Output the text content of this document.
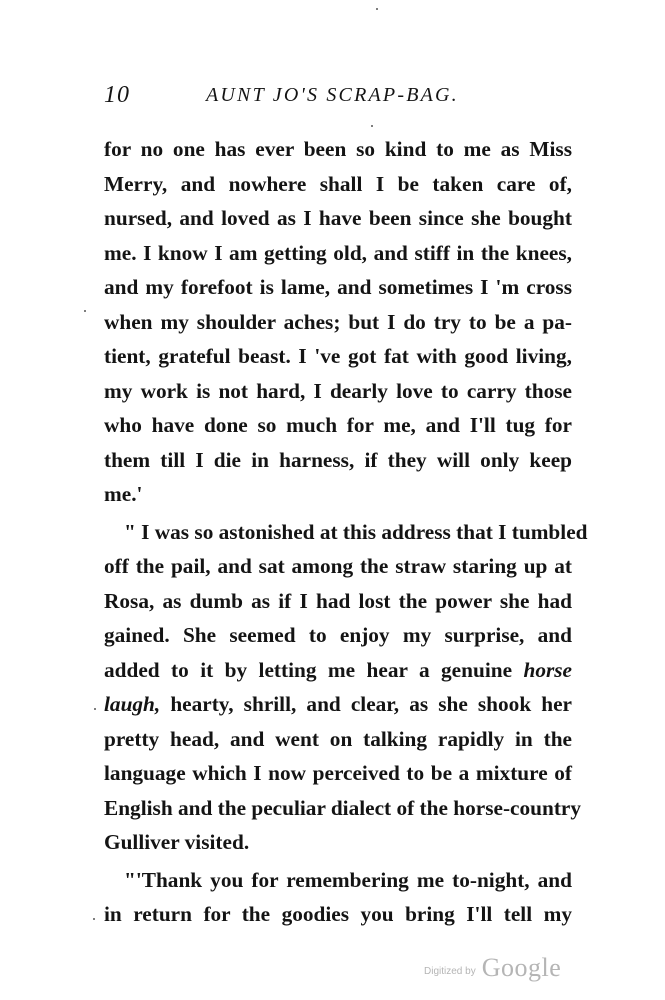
10	AUNT JO'S SCRAP-BAG.
for no one has ever been so kind to me as Miss
Merry, and nowhere shall I be taken care of,
nursed, and loved as I have been since she bought
me. I know I am getting old, and stiff in the knees,
and my forefoot is lame, and sometimes I 'm cross
when my shoulder aches; but I do try to be a pa-
tient, grateful beast. I 've got fat with good living,
my work is not hard, I dearly love to carry those
who have done so much for me, and I'll tug for
them till I die in harness, if they will only keep
me.'
" I was so astonished at this address that I tumbled
off the pail, and sat among the straw staring up at
Rosa, as dumb as if I had lost the power she had
gained. She seemed to enjoy my surprise, and
added to it by letting me hear a genuine horse
laugh, hearty, shrill, and clear, as she shook her
pretty head, and went on talking rapidly in the
language which I now perceived to be a mixture of
English and the peculiar dialect of the horse-country
Gulliver visited.
"'Thank you for remembering me to-night, and
in return for the goodies you bring I'll tell my
Digitized by Google
